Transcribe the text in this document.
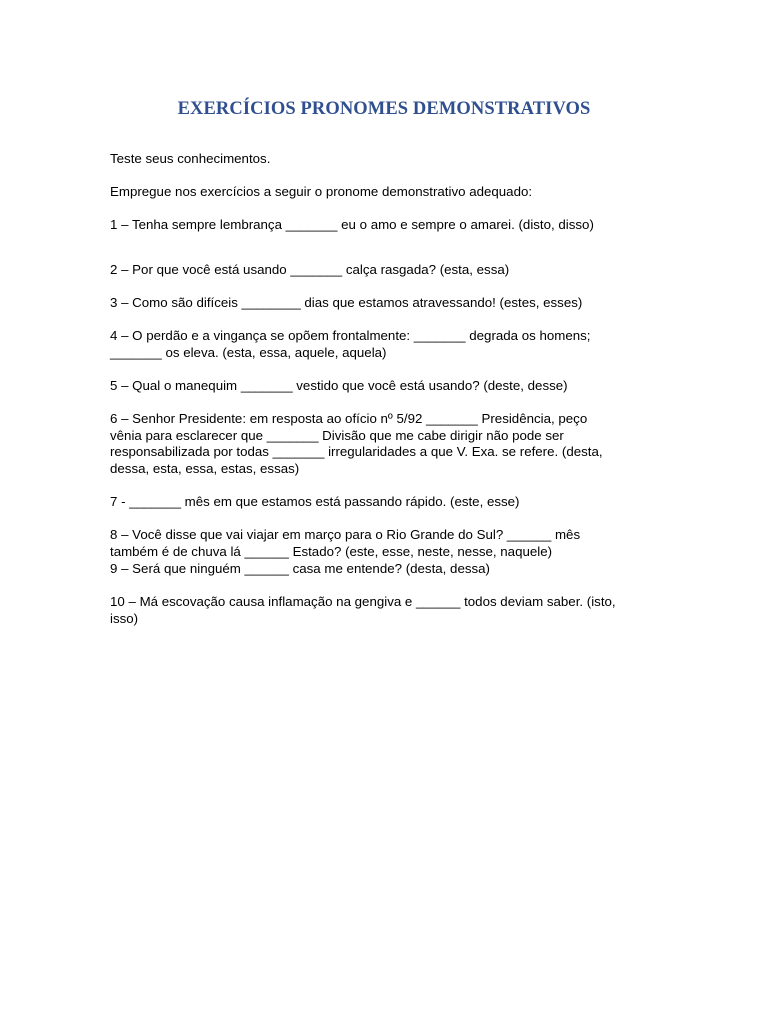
EXERCÍCIOS PRONOMES DEMONSTRATIVOS
Teste seus conhecimentos.
Empregue nos exercícios a seguir o pronome demonstrativo adequado:
1 – Tenha sempre lembrança _______ eu o amo e sempre o amarei. (disto, disso)
2 – Por que você está usando _______ calça rasgada? (esta, essa)
3 – Como são difíceis ________ dias que estamos atravessando! (estes, esses)
4 – O perdão e a vingança se opõem frontalmente: _______ degrada os homens;
_______ os eleva. (esta, essa, aquele, aquela)
5 – Qual o manequim _______ vestido que você está usando? (deste, desse)
6 – Senhor Presidente: em resposta ao ofício nº 5/92 _______ Presidência, peço
vênia para esclarecer que _______ Divisão que me cabe dirigir não pode ser
responsabilizada por todas _______ irregularidades a que V. Exa. se refere. (desta,
dessa, esta, essa, estas, essas)
7 - _______ mês em que estamos está passando rápido. (este, esse)
8 – Você disse que vai viajar em março para o Rio Grande do Sul? ______ mês
também é de chuva lá ______ Estado? (este, esse, neste, nesse, naquele)
9 – Será que ninguém ______ casa me entende? (desta, dessa)
10 – Má escovação causa inflamação na gengiva e ______ todos deviam saber. (isto,
isso)
